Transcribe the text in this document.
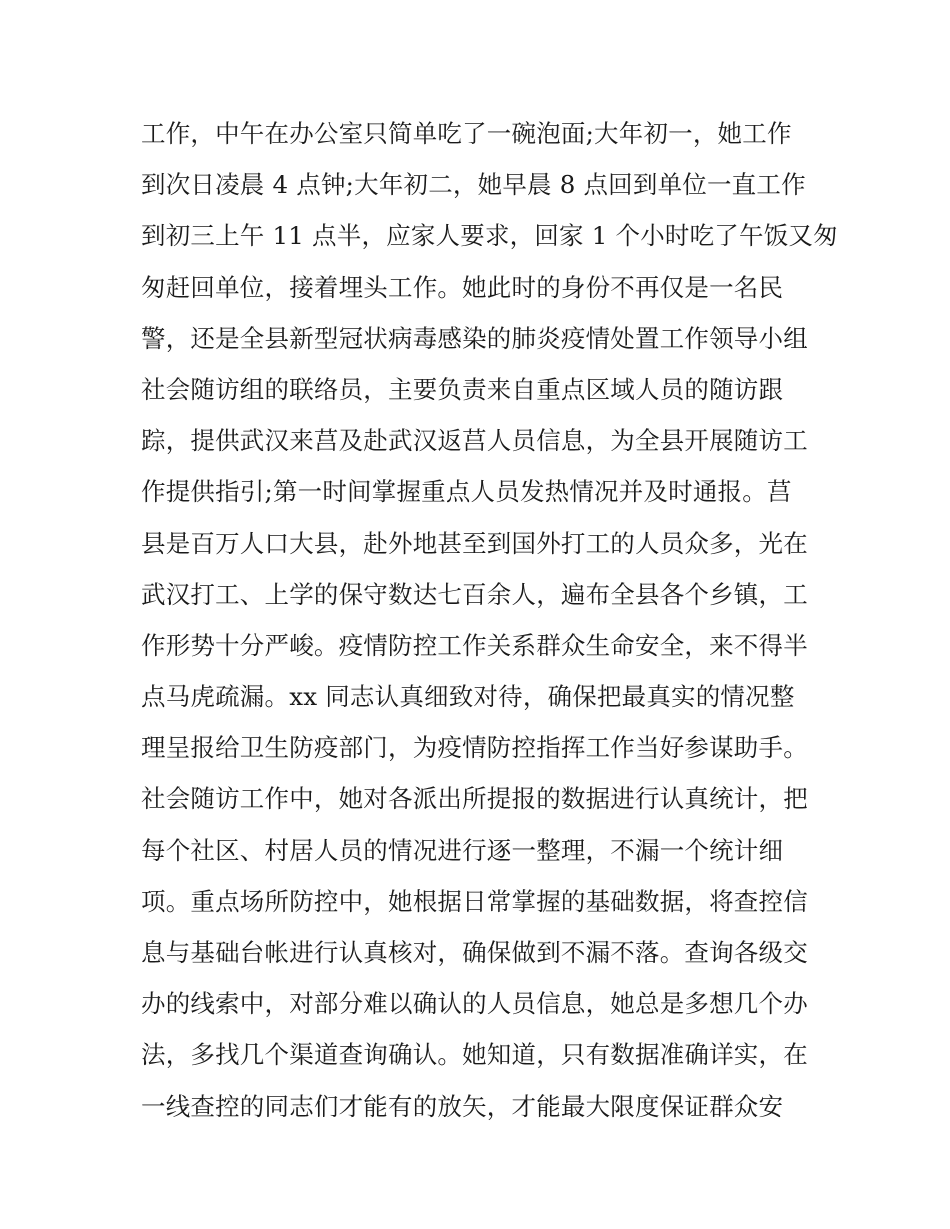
工作，中午在办公室只简单吃了一碗泡面;大年初一，她工作
到次日凌晨 4 点钟;大年初二，她早晨 8 点回到单位一直工作
到初三上午 11 点半，应家人要求，回家 1 个小时吃了午饭又匆
匆赶回单位，接着埋头工作。她此时的身份不再仅是一名民
警，还是全县新型冠状病毒感染的肺炎疫情处置工作领导小组
社会随访组的联络员，主要负责来自重点区域人员的随访跟
踪，提供武汉来莒及赴武汉返莒人员信息，为全县开展随访工
作提供指引;第一时间掌握重点人员发热情况并及时通报。莒
县是百万人口大县，赴外地甚至到国外打工的人员众多，光在
武汉打工、上学的保守数达七百余人，遍布全县各个乡镇，工
作形势十分严峻。疫情防控工作关系群众生命安全，来不得半
点马虎疏漏。xx 同志认真细致对待，确保把最真实的情况整
理呈报给卫生防疫部门，为疫情防控指挥工作当好参谋助手。
社会随访工作中，她对各派出所提报的数据进行认真统计，把
每个社区、村居人员的情况进行逐一整理，不漏一个统计细
项。重点场所防控中，她根据日常掌握的基础数据，将查控信
息与基础台帐进行认真核对，确保做到不漏不落。查询各级交
办的线索中，对部分难以确认的人员信息，她总是多想几个办
法，多找几个渠道查询确认。她知道，只有数据准确详实，在
一线查控的同志们才能有的放矢，才能最大限度保证群众安
